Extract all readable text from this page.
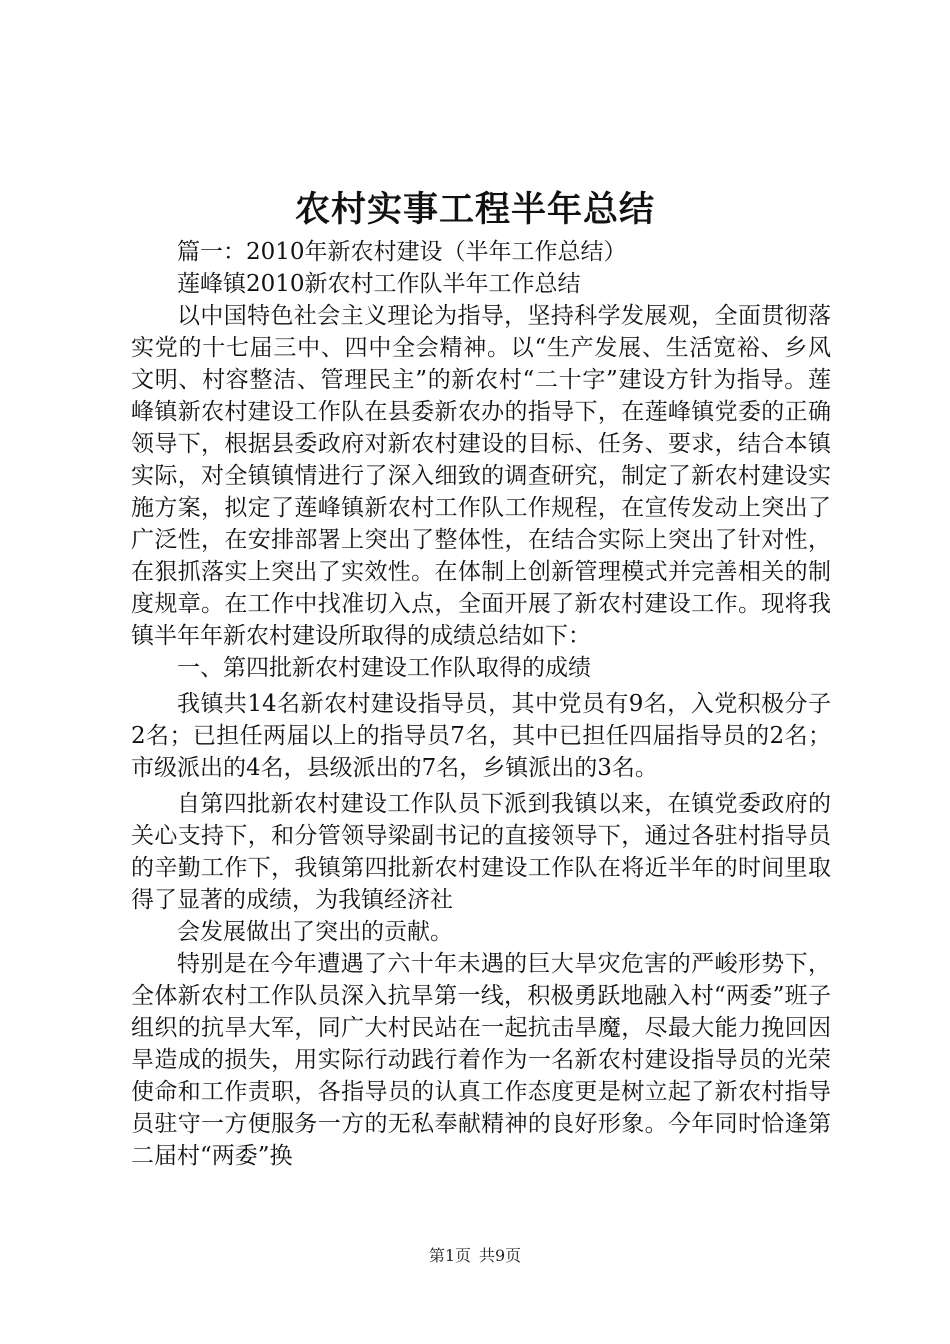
农村实事工程半年总结

篇一：2010年新农村建设（半年工作总结）

莲峰镇2010新农村工作队半年工作总结

以中国特色社会主义理论为指导，坚持科学发展观，全面贯彻落实党的十七届三中、四中全会精神。以“生产发展、生活宽裕、乡风文明、村容整洁、管理民主”的新农村“二十字”建设方针为指导。莲峰镇新农村建设工作队在县委新农办的指导下，在莲峰镇党委的正确领导下，根据县委政府对新农村建设的目标、任务、要求，结合本镇实际，对全镇镇情进行了深入细致的调查研究，制定了新农村建设实施方案，拟定了莲峰镇新农村工作队工作规程，在宣传发动上突出了广泛性，在安排部署上突出了整体性，在结合实际上突出了针对性，在狠抓落实上突出了实效性。在体制上创新管理模式并完善相关的制度规章。在工作中找准切入点，全面开展了新农村建设工作。现将我镇半年年新农村建设所取得的成绩总结如下：

一、第四批新农村建设工作队取得的成绩

我镇共14名新农村建设指导员，其中党员有9名，入党积极分子2名；已担任两届以上的指导员7名，其中已担任四届指导员的2名；市级派出的4名，县级派出的7名，乡镇派出的3名。

自第四批新农村建设工作队员下派到我镇以来，在镇党委政府的关心支持下，和分管领导梁副书记的直接领导下，通过各驻村指导员的辛勤工作下，我镇第四批新农村建设工作队在将近半年的时间里取得了显著的成绩，为我镇经济社

会发展做出了突出的贡献。

特别是在今年遭遇了六十年未遇的巨大旱灾危害的严峻形势下，全体新农村工作队员深入抗旱第一线，积极勇跃地融入村“两委”班子组织的抗旱大军，同广大村民站在一起抗击旱魔，尽最大能力挽回因旱造成的损失，用实际行动践行着作为一名新农村建设指导员的光荣使命和工作责职，各指导员的认真工作态度更是树立起了新农村指导员驻守一方便服务一方的无私奉献精神的良好形象。今年同时恰逢第二届村“两委”换

第1页 共9页
